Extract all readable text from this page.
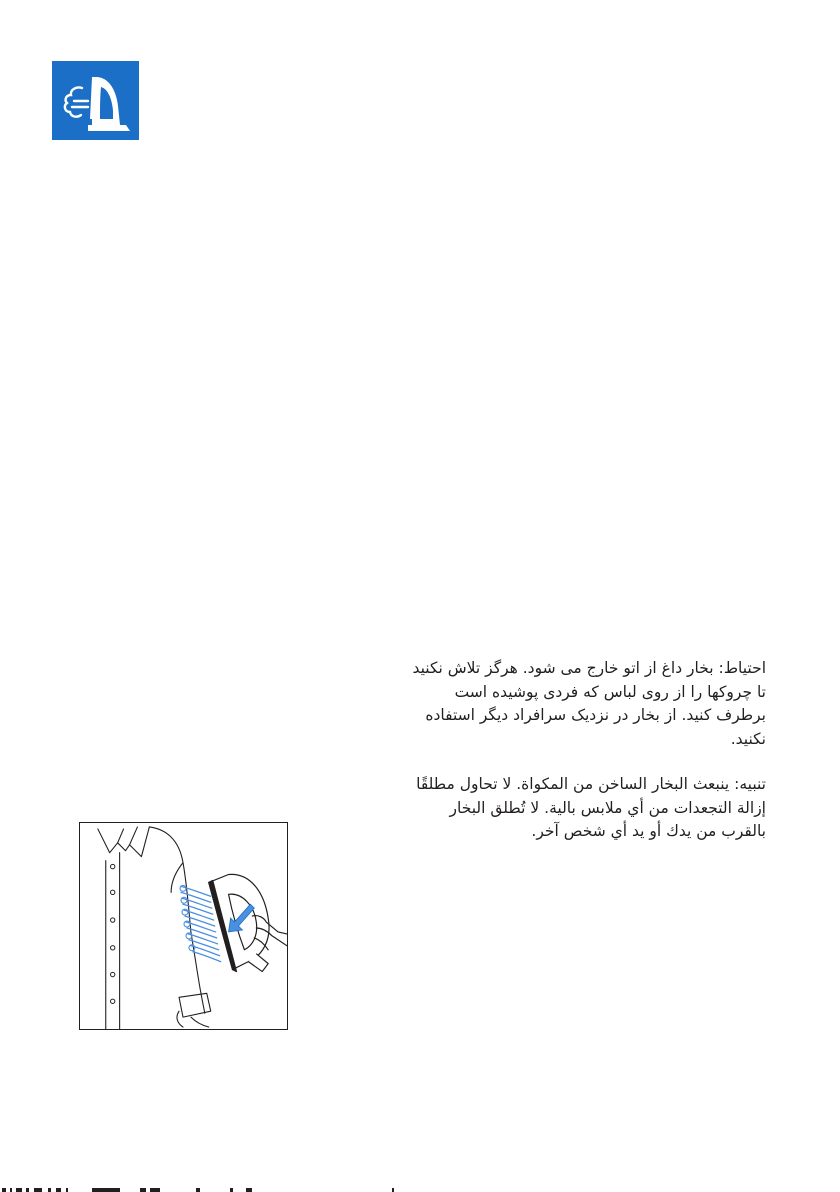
احتیاط: بخار داغ از اتو خارج می شود. هرگز تلاش نکنید تا چروکها را از روی لباس که فردی پوشیده است برطرف کنید. از بخار در نزدیک سرافراد دیگر استفاده نکنید.

تنبيه: ينبعث البخار الساخن من المكواة. لا تحاول مطلقًا إزالة التجعدات من أي ملابس بالية. لا تُطلق البخار بالقرب من يدك أو يد أي شخص آخر.
